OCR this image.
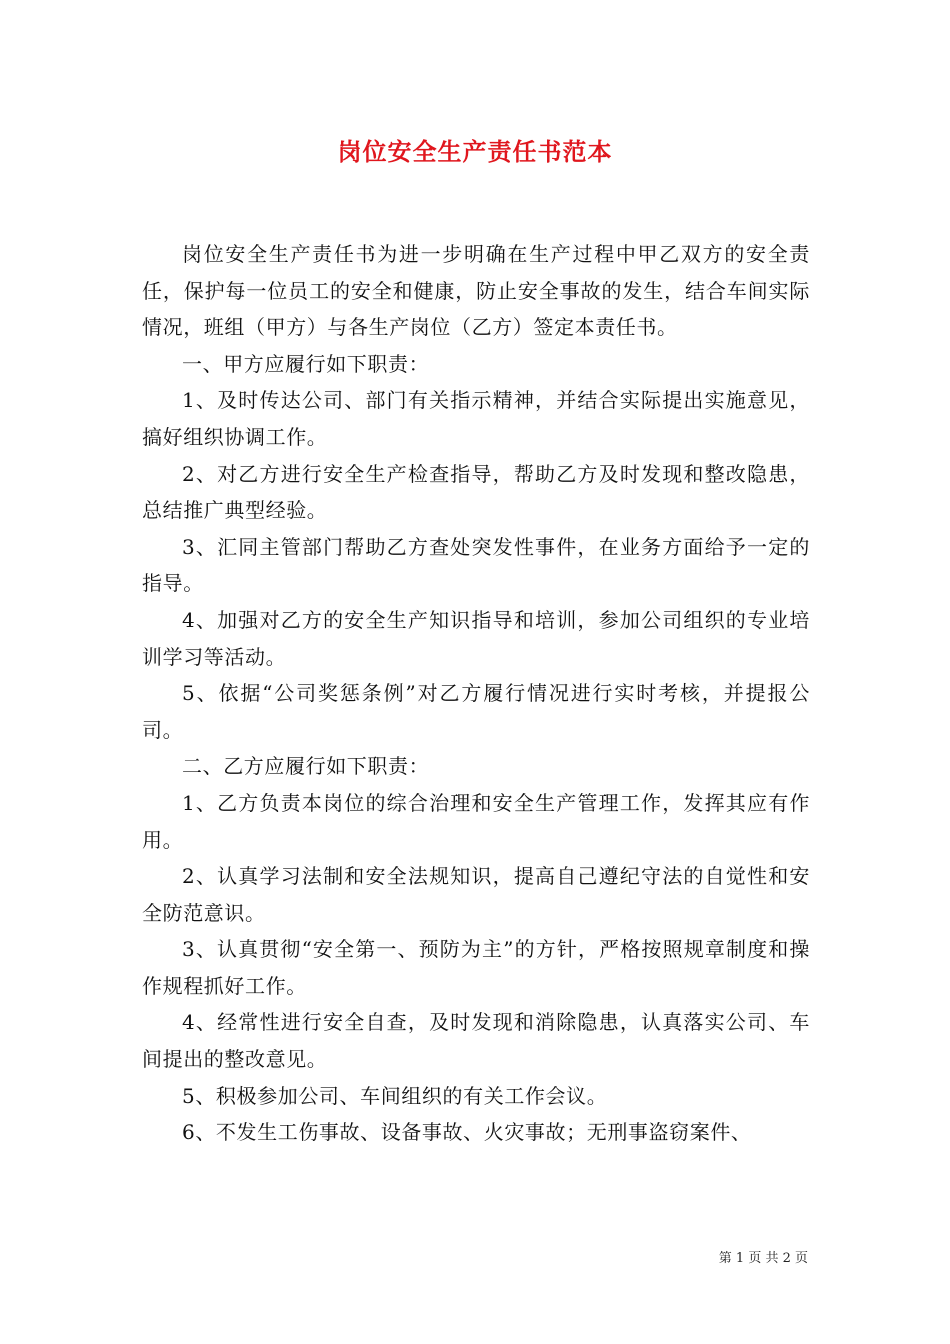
岗位安全生产责任书范本

岗位安全生产责任书为进一步明确在生产过程中甲乙双方的安全责任，保护每一位员工的安全和健康，防止安全事故的发生，结合车间实际情况，班组（甲方）与各生产岗位（乙方）签定本责任书。

一、甲方应履行如下职责：

1、及时传达公司、部门有关指示精神，并结合实际提出实施意见，搞好组织协调工作。

2、对乙方进行安全生产检查指导，帮助乙方及时发现和整改隐患，总结推广典型经验。

3、汇同主管部门帮助乙方查处突发性事件，在业务方面给予一定的指导。

4、加强对乙方的安全生产知识指导和培训，参加公司组织的专业培训学习等活动。

5、依据“公司奖惩条例”对乙方履行情况进行实时考核，并提报公司。

二、乙方应履行如下职责：

1、乙方负责本岗位的综合治理和安全生产管理工作，发挥其应有作用。

2、认真学习法制和安全法规知识，提高自己遵纪守法的自觉性和安全防范意识。

3、认真贯彻“安全第一、预防为主”的方针，严格按照规章制度和操作规程抓好工作。

4、经常性进行安全自查，及时发现和消除隐患，认真落实公司、车间提出的整改意见。

5、积极参加公司、车间组织的有关工作会议。

6、不发生工伤事故、设备事故、火灾事故；无刑事盗窃案件、

第 1 页 共 2 页
